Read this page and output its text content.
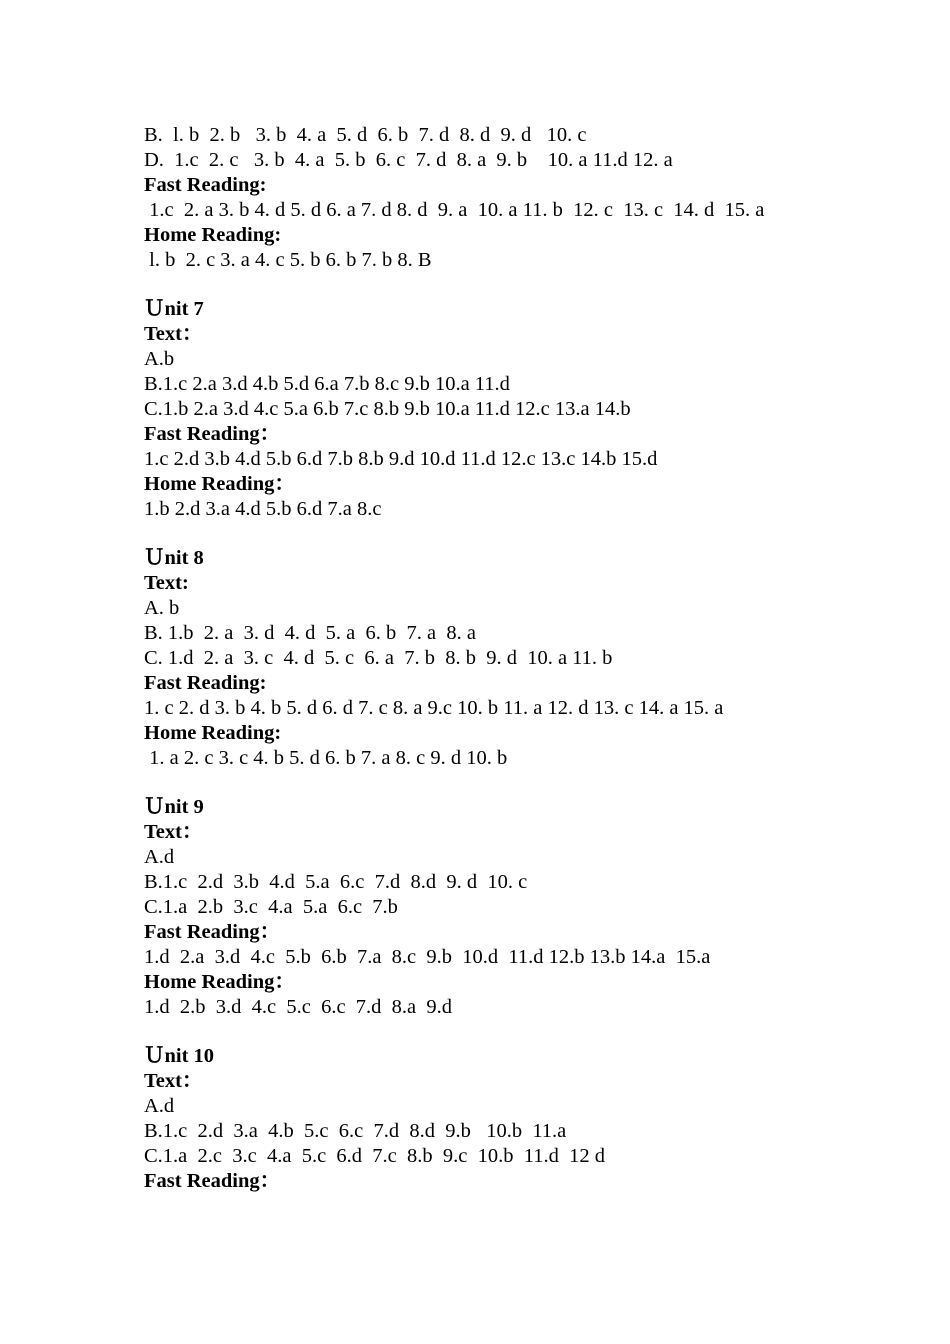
B.  l. b  2. b   3. b  4. a  5. d  6. b  7. d  8. d  9. d   10. c
D.  1.c  2. c   3. b  4. a  5. b  6. c  7. d  8. a  9. b    10. a 11.d 12. a
Fast Reading:
1.c  2. a 3. b 4. d 5. d 6. a 7. d 8. d  9. a  10. a 11. b  12. c  13. c  14. d  15. a
Home Reading:
l. b  2. c 3. a 4. c 5. b 6. b 7. b 8. B
Ｕnit 7
Text：
A.b
B.1.c 2.a 3.d 4.b 5.d 6.a 7.b 8.c 9.b 10.a 11.d
C.1.b 2.a 3.d 4.c 5.a 6.b 7.c 8.b 9.b 10.a 11.d 12.c 13.a 14.b
Fast Reading：
1.c 2.d 3.b 4.d 5.b 6.d 7.b 8.b 9.d 10.d 11.d 12.c 13.c 14.b 15.d
Home Reading：
1.b 2.d 3.a 4.d 5.b 6.d 7.a 8.c
Ｕnit 8
Text:
A. b
B. 1.b  2. a  3. d  4. d  5. a  6. b  7. a  8. a
C. 1.d  2. a  3. c  4. d  5. c  6. a  7. b  8. b  9. d  10. a 11. b
Fast Reading:
1. c 2. d 3. b 4. b 5. d 6. d 7. c 8. a 9.c 10. b 11. a 12. d 13. c 14. a 15. a
Home Reading:
1. a 2. c 3. c 4. b 5. d 6. b 7. a 8. c 9. d 10. b
Ｕnit 9
Text：
A.d
B.1.c  2.d  3.b  4.d  5.a  6.c  7.d  8.d  9. d  10. c
C.1.a  2.b  3.c  4.a  5.a  6.c  7.b
Fast Reading：
1.d  2.a  3.d  4.c  5.b  6.b  7.a  8.c  9.b  10.d  11.d 12.b 13.b 14.a  15.a
Home Reading：
1.d  2.b  3.d  4.c  5.c  6.c  7.d  8.a  9.d
Ｕnit 10
Text：
A.d
B.1.c  2.d  3.a  4.b  5.c  6.c  7.d  8.d  9.b   10.b  11.a
C.1.a  2.c  3.c  4.a  5.c  6.d  7.c  8.b  9.c  10.b  11.d  12 d
Fast Reading：
